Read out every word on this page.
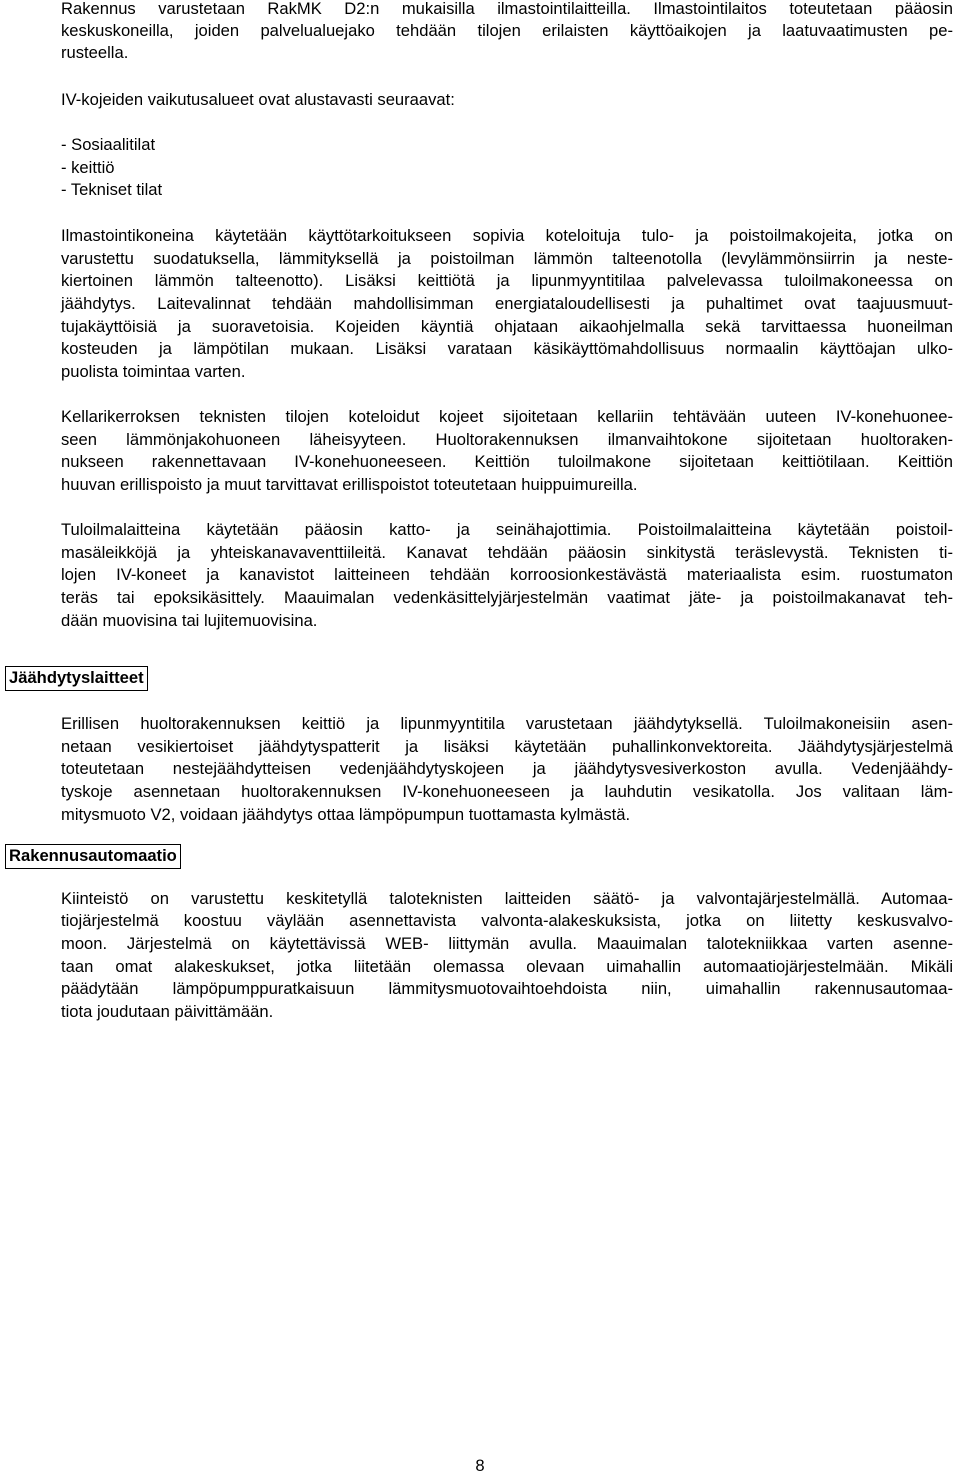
Rakennus varustetaan RakMK D2:n mukaisilla ilmastointilaitteilla. Ilmastointilaitos toteutetaan pääosin
keskuskoneilla, joiden palvelualuejako tehdään tilojen erilaisten käyttöaikojen ja laatuvaatimusten pe-
rusteella.
IV-kojeiden vaikutusalueet ovat alustavasti seuraavat:
- Sosiaalitilat
- keittiö
- Tekniset tilat
Ilmastointikoneina käytetään käyttötarkoitukseen sopivia koteloituja tulo- ja poistoilmakojeita, jotka on
varustettu suodatuksella, lämmityksellä ja poistoilman lämmön talteenotolla (levylämmönsiirrin ja neste-
kiertoinen lämmön talteenotto). Lisäksi keittiötä ja lipunmyyntitilaa palvelevassa tuloilmakoneessa on
jäähdytys. Laitevalinnat tehdään mahdollisimman energiataloudellisesti ja puhaltimet ovat taajuusmuut-
tujakäyttöisiä ja suoravetoisia. Kojeiden käyntiä ohjataan aikaohjelmalla sekä tarvittaessa huoneilman
kosteuden ja lämpötilan mukaan. Lisäksi varataan käsikäyttömahdollisuus normaalin käyttöajan ulko-
puolista toimintaa varten.
Kellarikerroksen teknisten tilojen koteloidut kojeet sijoitetaan kellariin tehtävään uuteen IV-konehuonee-
seen lämmönjakohuoneen läheisyyteen. Huoltorakennuksen ilmanvaihtokone sijoitetaan huoltoraken-
nukseen rakennettavaan IV-konehuoneeseen. Keittiön tuloilmakone sijoitetaan keittiötilaan. Keittiön
huuvan erillispoisto ja muut tarvittavat erillispoistot toteutetaan huippuimureilla.
Tuloilmalaitteina käytetään pääosin katto- ja seinähajottimia. Poistoilmalaitteina käytetään poistoil-
masäleikköjä ja yhteiskanavaventtiileitä. Kanavat tehdään pääosin sinkitystä teräslevystä. Teknisten ti-
lojen IV-koneet ja kanavistot laitteineen tehdään korroosionkestävästä materiaalista esim. ruostumaton
teräs tai epoksikäsittely. Maauimalan vedenkäsittelyjärjestelmän vaatimat jäte- ja poistoilmakanavat teh-
dään muovisina tai lujitemuovisina.
Jäähdytyslaitteet
Erillisen huoltorakennuksen keittiö ja lipunmyyntitila varustetaan jäähdytyksellä. Tuloilmakoneisiin asen-
netaan vesikiertoiset jäähdytyspatterit ja lisäksi käytetään puhallinkonvektoreita. Jäähdytysjärjestelmä
toteutetaan nestejäähdytteisen vedenjäähdytyskojeen ja jäähdytysvesiverkoston avulla. Vedenjäähdy-
tyskoje asennetaan huoltorakennuksen IV-konehuoneeseen ja lauhdutin vesikatolla. Jos valitaan läm-
mitysmuoto V2, voidaan jäähdytys ottaa lämpöpumpun tuottamasta kylmästä.
Rakennusautomaatio
Kiinteistö on varustettu keskitetyllä taloteknisten laitteiden säätö- ja valvontajärjestelmällä. Automaa-
tiojärjestelmä koostuu väylään asennettavista valvonta-alakeskuksista, jotka on liitetty keskusvalvo-
moon. Järjestelmä on käytettävissä WEB- liittymän avulla. Maauimalan talotekniikkaa varten asenne-
taan omat alakeskukset, jotka liitetään olemassa olevaan uimahallin automaatiojärjestelmään. Mikäli
päädytään lämpöpumppuratkaisuun lämmitysmuotovaihtoehdoista niin, uimahallin rakennusautomaa-
tiota joudutaan päivittämään.
8
